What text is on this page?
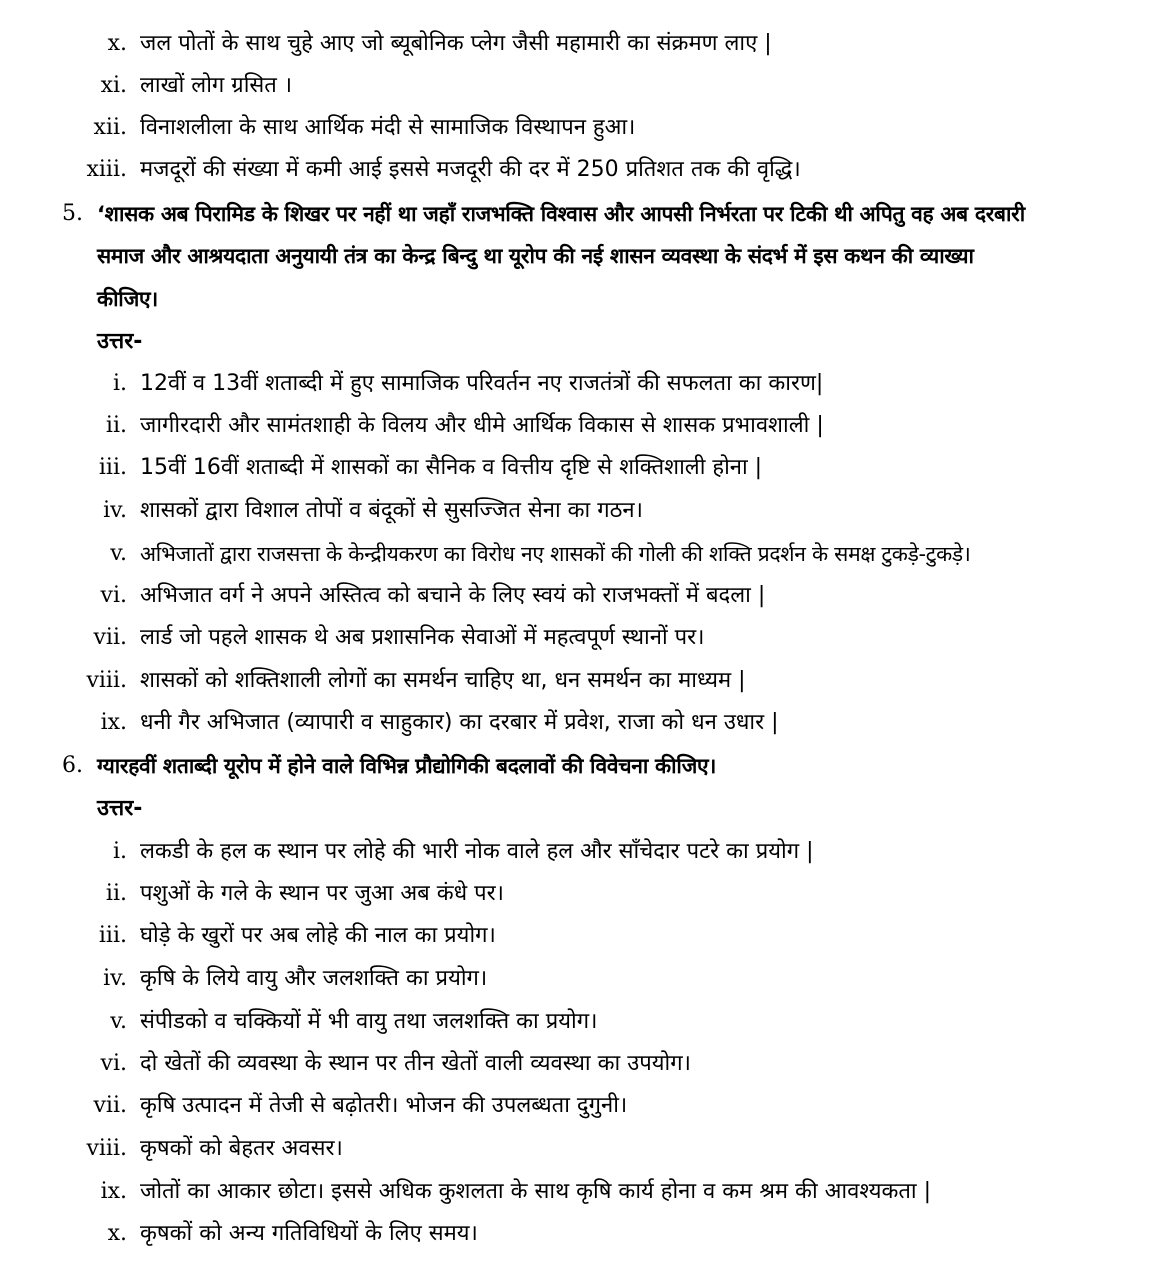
x. जल पोतों के साथ चुहे आए जो ब्यूबोनिक प्लेग जैसी महामारी का संक्रमण लाए |
xi. लाखों लोग ग्रसित ।
xii. विनाशलीला के साथ आर्थिक मंदी से सामाजिक विस्थापन हुआ।
xiii. मजदूरों की संख्या में कमी आई इससे मजदूरी की दर में 250 प्रतिशत तक की वृद्धि।
5. ‘शासक अब पिरामिड के शिखर पर नहीं था जहाँ राजभक्ति विश्वास और आपसी निर्भरता पर टिकी थी अपितु वह अब दरबारी
समाज और आश्रयदाता अनुयायी तंत्र का केन्द्र बिन्दु था यूरोप की नई शासन व्यवस्था के संदर्भ में इस कथन की व्याख्या
कीजिए।
उत्तर-
i. 12वीं व 13वीं शताब्दी में हुए सामाजिक परिवर्तन नए राजतंत्रों की सफलता का कारण|
ii. जागीरदारी और सामंतशाही के विलय और धीमे आर्थिक विकास से शासक प्रभावशाली |
iii. 15वीं 16वीं शताब्दी में शासकों का सैनिक व वित्तीय दृष्टि से शक्तिशाली होना |
iv. शासकों द्वारा विशाल तोपों व बंदूकों से सुसज्जित सेना का गठन।
v. अभिजातों द्वारा राजसत्ता के केन्द्रीयकरण का विरोध नए शासकों की गोली की शक्ति प्रदर्शन के समक्ष टुकड़े-टुकड़े।
vi. अभिजात वर्ग ने अपने अस्तित्व को बचाने के लिए स्वयं को राजभक्तों में बदला |
vii. लार्ड जो पहले शासक थे अब प्रशासनिक सेवाओं में महत्वपूर्ण स्थानों पर।
viii. शासकों को शक्तिशाली लोगों का समर्थन चाहिए था, धन समर्थन का माध्यम |
ix. धनी गैर अभिजात (व्यापारी व साहुकार) का दरबार में प्रवेश, राजा को धन उधार |
6. ग्यारहवीं शताब्दी यूरोप में होने वाले विभिन्न प्रौद्योगिकी बदलावों की विवेचना कीजिए।
उत्तर-
i. लकडी के हल क स्थान पर लोहे की भारी नोक वाले हल और साँचेदार पटरे का प्रयोग |
ii. पशुओं के गले के स्थान पर जुआ अब कंधे पर।
iii. घोड़े के खुरों पर अब लोहे की नाल का प्रयोग।
iv. कृषि के लिये वायु और जलशक्ति का प्रयोग।
v. संपीडको व चक्कियों में भी वायु तथा जलशक्ति का प्रयोग।
vi. दो खेतों की व्यवस्था के स्थान पर तीन खेतों वाली व्यवस्था का उपयोग।
vii. कृषि उत्पादन में तेजी से बढ़ोतरी। भोजन की उपलब्धता दुगुनी।
viii. कृषकों को बेहतर अवसर।
ix. जोतों का आकार छोटा। इससे अधिक कुशलता के साथ कृषि कार्य होना व कम श्रम की आवश्यकता |
x. कृषकों को अन्य गतिविधियों के लिए समय।
